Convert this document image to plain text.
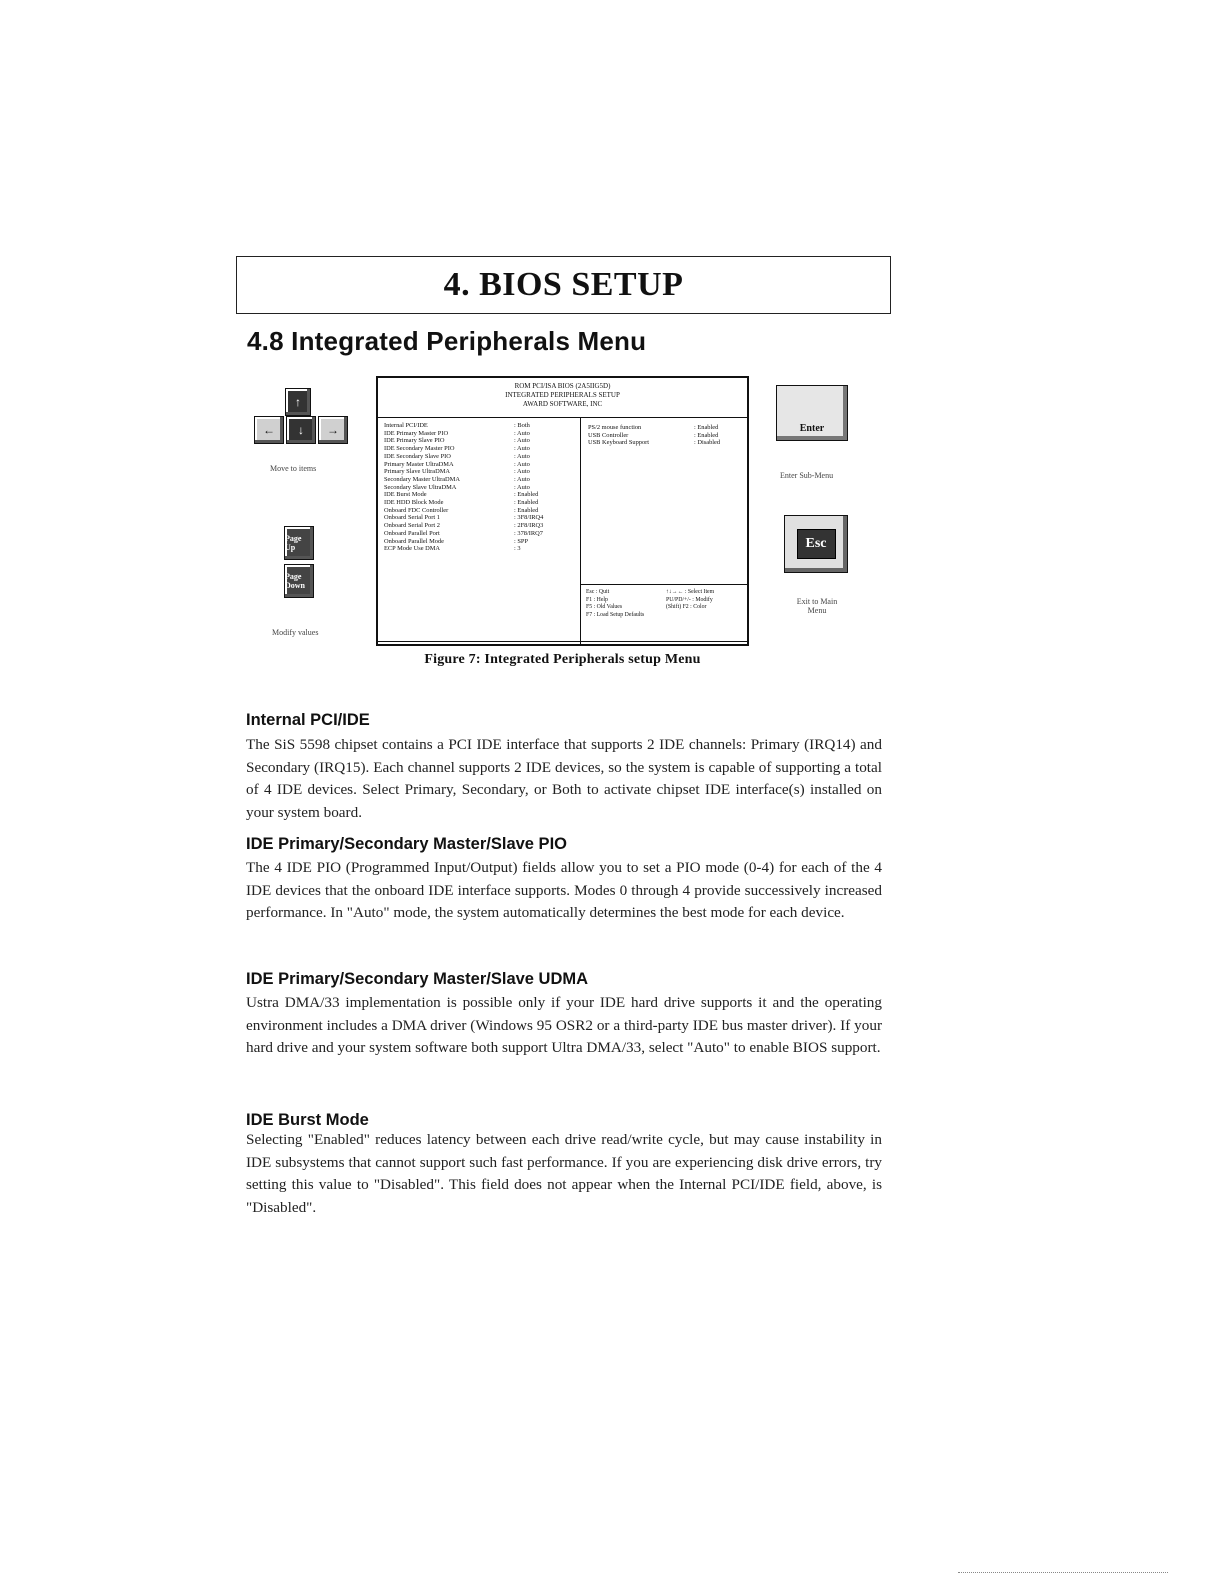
4. BIOS SETUP
4.8 Integrated Peripherals Menu
↑
←	↓	→
Move to items
Page Up
Page Down
Modify values
Enter
Enter Sub-Menu
Esc
Exit to Main Menu
ROM PCI/ISA BIOS (2A5IIG5D)
INTEGRATED PERIPHERALS SETUP
AWARD SOFTWARE, INC
Internal PCI/IDE	: Both
IDE Primary Master PIO	: Auto
IDE Primary Slave PIO	: Auto
IDE Secondary Master PIO	: Auto
IDE Secondary Slave PIO	: Auto
Primary Master UltraDMA	: Auto
Primary Slave UltraDMA	: Auto
Secondary Master UltraDMA	: Auto
Secondary Slave UltraDMA	: Auto
IDE Burst Mode	: Enabled
IDE HDD Block Mode	: Enabled
Onboard FDC Controller	: Enabled
Onboard Serial Port 1	: 3F8/IRQ4
Onboard Serial Port 2	: 2F8/IRQ3
Onboard Parallel Port	: 378/IRQ7
Onboard Parallel Mode	: SPP
ECP Mode Use DMA	: 3
PS/2 mouse function	: Enabled
USB Controller	: Enabled
USB Keyboard Support	: Disabled
Esc : Quit	↑↓→← : Select Item
F1 : Help	PU/PD/+/- : Modify
F5 : Old Values	(Shift) F2 : Color
F7 : Load Setup Defaults
Figure 7: Integrated Peripherals setup Menu
Internal PCI/IDE
The SiS 5598 chipset contains a PCI IDE interface that supports 2 IDE channels: Primary (IRQ14) and Secondary (IRQ15). Each channel supports 2 IDE devices, so the system is capable of supporting a total of 4 IDE devices. Select Primary, Secondary, or Both to activate chipset IDE interface(s) installed on your system board.
IDE Primary/Secondary Master/Slave PIO
The 4 IDE PIO (Programmed Input/Output) fields allow you to set a PIO mode (0-4) for each of the 4 IDE devices that the onboard IDE interface supports. Modes 0 through 4 provide successively increased performance. In "Auto" mode, the system automatically determines the best mode for each device.
IDE Primary/Secondary Master/Slave UDMA
Ustra DMA/33 implementation is possible only if your IDE hard drive supports it and the operating environment includes a DMA driver (Windows 95 OSR2 or a third-party IDE bus master driver). If your hard drive and your system software both support Ultra DMA/33, select "Auto" to enable BIOS support.
IDE Burst Mode
Selecting "Enabled" reduces latency between each drive read/write cycle, but may cause instability in IDE subsystems that cannot support such fast performance. If you are experiencing disk drive errors, try setting this value to "Disabled". This field does not appear when the Internal PCI/IDE field, above, is "Disabled".
